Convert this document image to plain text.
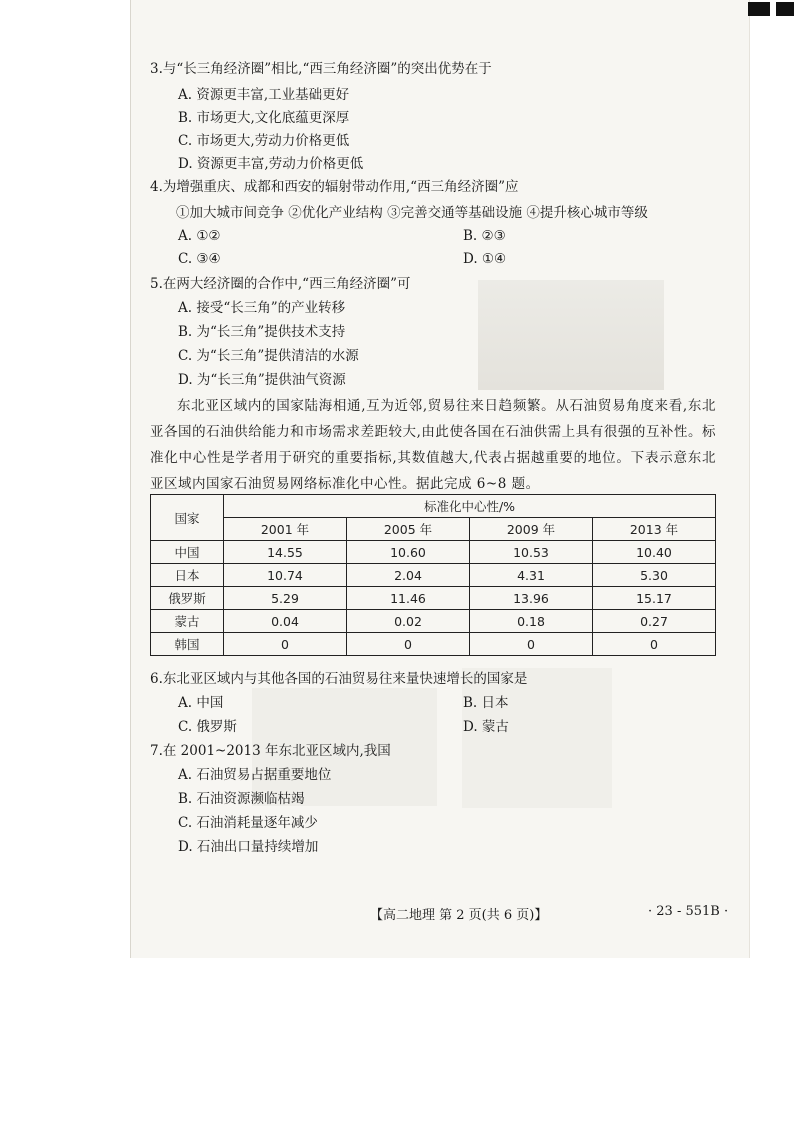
3.与“长三角经济圈”相比,“西三角经济圈”的突出优势在于
A. 资源更丰富,工业基础更好
B. 市场更大,文化底蕴更深厚
C. 市场更大,劳动力价格更低
D. 资源更丰富,劳动力价格更低
4.为增强重庆、成都和西安的辐射带动作用,“西三角经济圈”应
①加大城市间竞争 ②优化产业结构 ③完善交通等基础设施 ④提升核心城市等级
A. ①②	B. ②③
C. ③④	D. ①④
5.在两大经济圈的合作中,“西三角经济圈”可
A. 接受“长三角”的产业转移
B. 为“长三角”提供技术支持
C. 为“长三角”提供清洁的水源
D. 为“长三角”提供油气资源
东北亚区域内的国家陆海相通,互为近邻,贸易往来日趋频繁。从石油贸易角度来看,东北亚各国的石油供给能力和市场需求差距较大,由此使各国在石油供需上具有很强的互补性。标准化中心性是学者用于研究的重要指标,其数值越大,代表占据越重要的地位。下表示意东北亚区域内国家石油贸易网络标准化中心性。据此完成 6~8 题。
国家	标准化中心性/%			
	2001 年	2005 年	2009 年	2013 年
中国	14.55	10.60	10.53	10.40
日本	10.74	2.04	4.31	5.30
俄罗斯	5.29	11.46	13.96	15.17
蒙古	0.04	0.02	0.18	0.27
韩国	0	0	0	0
6.东北亚区域内与其他各国的石油贸易往来量快速增长的国家是
A. 中国	B. 日本
C. 俄罗斯	D. 蒙古
7.在 2001~2013 年东北亚区域内,我国
A. 石油贸易占据重要地位
B. 石油资源濒临枯竭
C. 石油消耗量逐年减少
D. 石油出口量持续增加
【高二地理 第 2 页(共 6 页)】	· 23 - 551B ·
